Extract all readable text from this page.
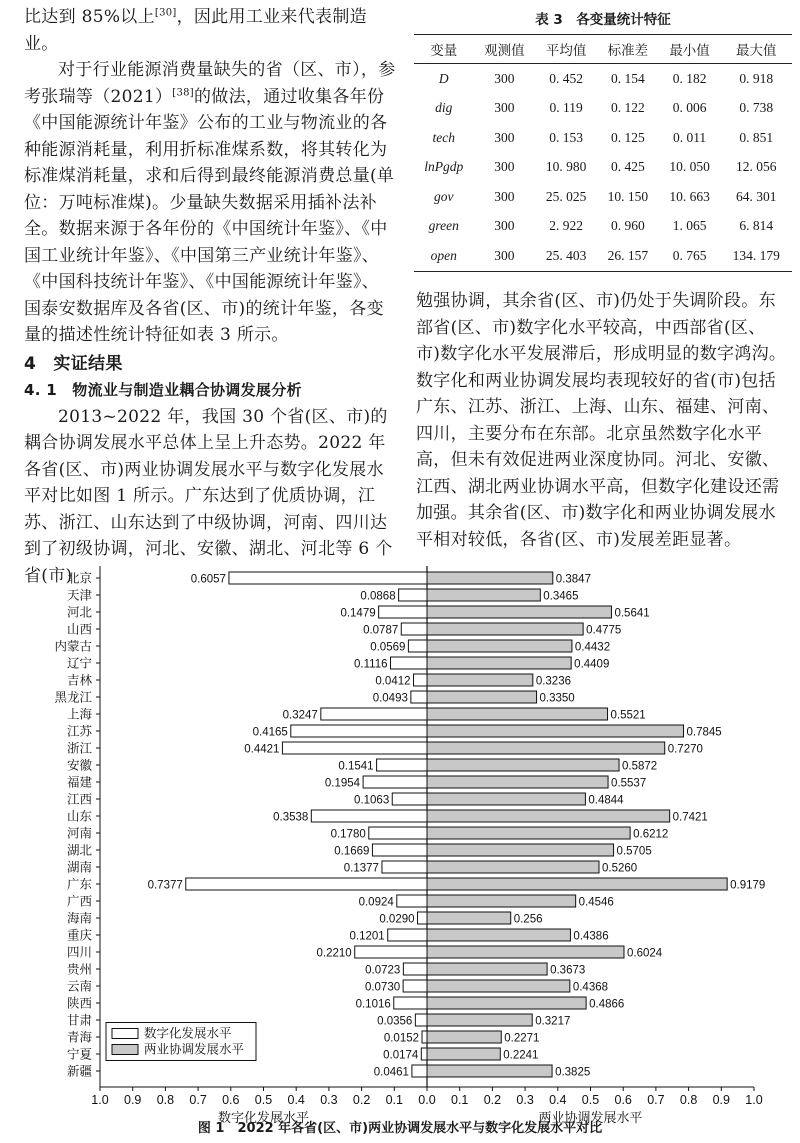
比达到 85%以上[30]，因此用工业来代表制造业。

对于行业能源消费量缺失的省（区、市），参考张瑞等（2021）[38]的做法，通过收集各年份《中国能源统计年鉴》公布的工业与物流业的各种能源消耗量，利用折标准煤系数，将其转化为标准煤消耗量，求和后得到最终能源消费总量(单位：万吨标准煤)。少量缺失数据采用插补法补全。数据来源于各年份的《中国统计年鉴》、《中国工业统计年鉴》、《中国第三产业统计年鉴》、《中国科技统计年鉴》、《中国能源统计年鉴》、国泰安数据库及各省(区、市)的统计年鉴，各变量的描述性统计特征如表 3 所示。

4　实证结果

4. 1　物流业与制造业耦合协调发展分析

2013~2022 年，我国 30 个省(区、市)的耦合协调发展水平总体上呈上升态势。2022 年各省(区、市)两业协调发展水平与数字化发展水平对比如图 1 所示。广东达到了优质协调，江苏、浙江、山东达到了中级协调，河南、四川达到了初级协调，河北、安徽、湖北、河北等 6 个省(市)

表 3　各变量统计特征
变量	观测值	平均值	标准差	最小值	最大值
D	300	0. 452	0. 154	0. 182	0. 918
dig	300	0. 119	0. 122	0. 006	0. 738
tech	300	0. 153	0. 125	0. 011	0. 851
lnPgdp	300	10. 980	0. 425	10. 050	12. 056
gov	300	25. 025	10. 150	10. 663	64. 301
green	300	2. 922	0. 960	1. 065	6. 814
open	300	25. 403	26. 157	0. 765	134. 179

勉强协调，其余省(区、市)仍处于失调阶段。东部省(区、市)数字化水平较高，中西部省(区、市)数字化水平发展滞后，形成明显的数字鸿沟。数字化和两业协调发展均表现较好的省(市)包括广东、江苏、浙江、上海、山东、福建、河南、四川，主要分布在东部。北京虽然数字化水平高，但未有效促进两业深度协同。河北、安徽、江西、湖北两业协调水平高，但数字化建设还需加强。其余省(区、市)数字化和两业协调发展水平相对较低，各省(区、市)发展差距显著。

北京	0.6057	0.3847
天津	0.0868	0.3465
河北	0.1479	0.5641
山西	0.0787	0.4775
内蒙古	0.0569	0.4432
辽宁	0.1116	0.4409
吉林	0.0412	0.3236
黑龙江	0.0493	0.3350
上海	0.3247	0.5521
江苏	0.4165	0.7845
浙江	0.4421	0.7270
安徽	0.1541	0.5872
福建	0.1954	0.5537
江西	0.1063	0.4844
山东	0.3538	0.7421
河南	0.1780	0.6212
湖北	0.1669	0.5705
湖南	0.1377	0.5260
广东	0.7377	0.9179
广西	0.0924	0.4546
海南	0.0290	0.256
重庆	0.1201	0.4386
四川	0.2210	0.6024
贵州	0.0723	0.3673
云南	0.0730	0.4368
陕西	0.1016	0.4866
甘肃	0.0356	0.3217
青海	0.0152	0.2271
宁夏	0.0174	0.2241
新疆	0.0461	0.3825
1.0 0.9 0.8 0.7 0.6 0.5 0.4 0.3 0.2 0.1 0.0 0.1 0.2 0.3 0.4 0.5 0.6 0.7 0.8 0.9 1.0
数字化发展水平	两业协调发展水平
数字化发展水平
两业协调发展水平
图 1　2022 年各省(区、市)两业协调发展水平与数字化发展水平对比
